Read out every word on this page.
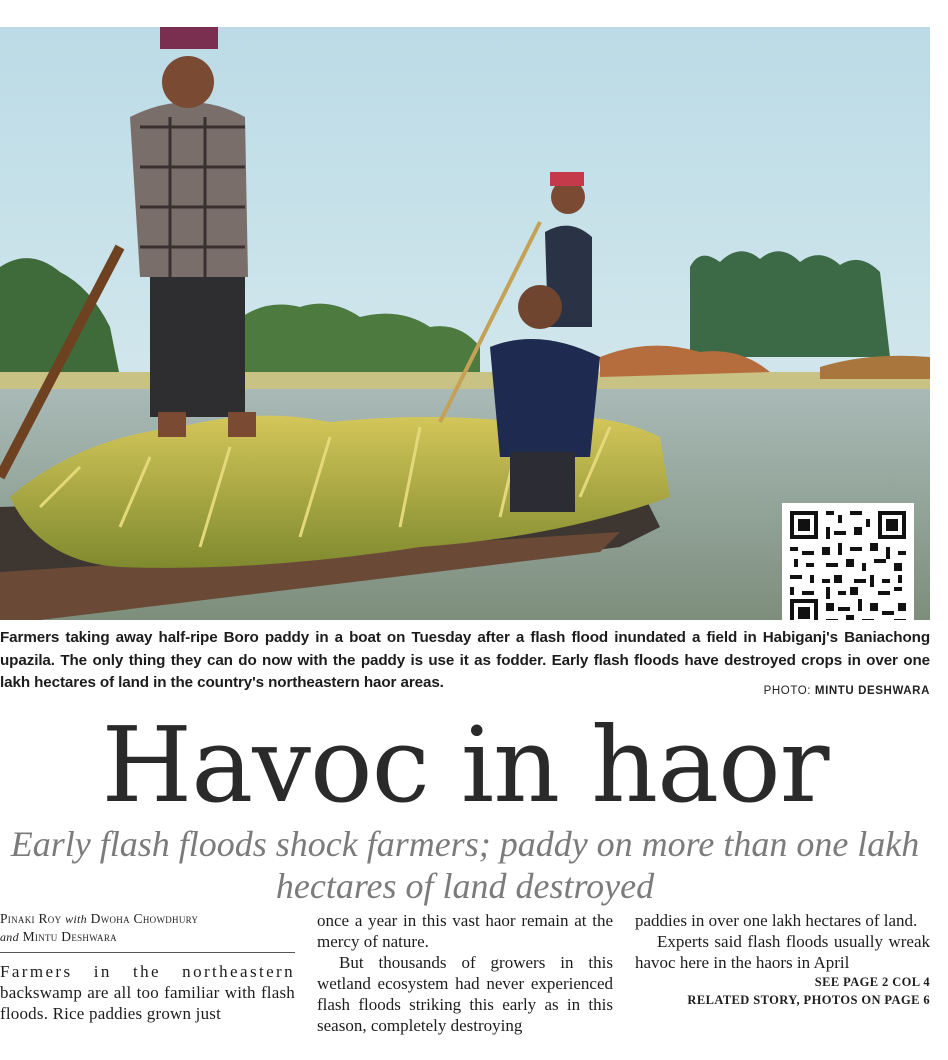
Farmers taking away half-ripe Boro paddy in a boat on Tuesday after a flash flood inundated a field in Habiganj's Baniachong upazila. The only thing they can do now with the paddy is use it as fodder. Early flash floods have destroyed crops in over one lakh hectares of land in the country's northeastern haor areas.	PHOTO: MINTU DESHWARA
Havoc in haor
Early flash floods shock farmers; paddy on more than one lakh hectares of land destroyed
Pinaki Roy with Dwoha Chowdhury
and Mintu Deshwara

Farmers in the northeastern backswamp are all too familiar with flash floods. Rice paddies grown just

once a year in this vast haor remain at the mercy of nature.

But thousands of growers in this wetland ecosystem had never experienced flash floods striking this early as in this season, completely destroying

paddies in over one lakh hectares of land.

Experts said flash floods usually wreak havoc here in the haors in April

SEE PAGE 2 COL 4
RELATED STORY, PHOTOS ON PAGE 6
